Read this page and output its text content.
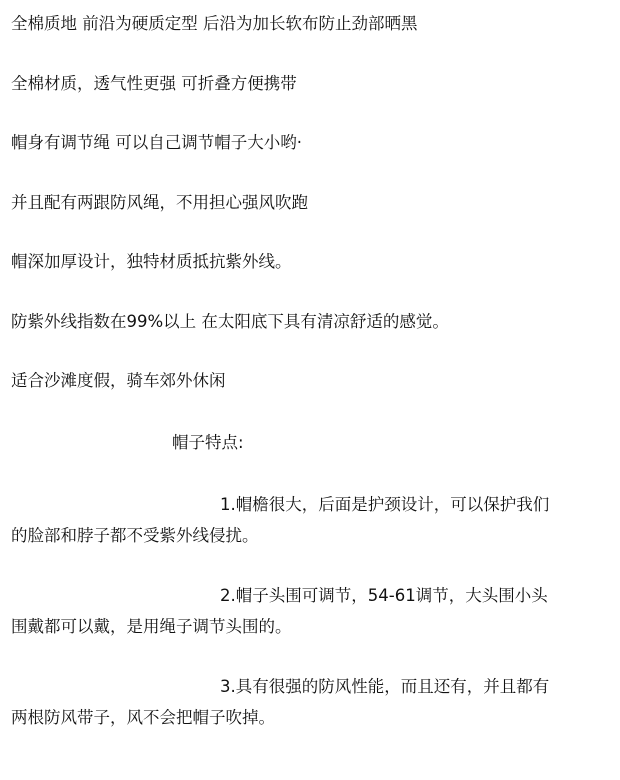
全棉质地 前沿为硬质定型 后沿为加长软布防止劲部晒黑

全棉材质，透气性更强 可折叠方便携带

帽身有调节绳 可以自己调节帽子大小哟·

并且配有两跟防风绳，不用担心强风吹跑

帽深加厚设计，独特材质抵抗紫外线。

防紫外线指数在99%以上 在太阳底下具有清凉舒适的感觉。

适合沙滩度假，骑车郊外休闲

帽子特点:

1.帽檐很大，后面是护颈设计，可以保护我们
的脸部和脖子都不受紫外线侵扰。
2.帽子头围可调节，54-61调节，大头围小头
围戴都可以戴，是用绳子调节头围的。
3.具有很强的防风性能，而且还有，并且都有
两根防风带子，风不会把帽子吹掉。
